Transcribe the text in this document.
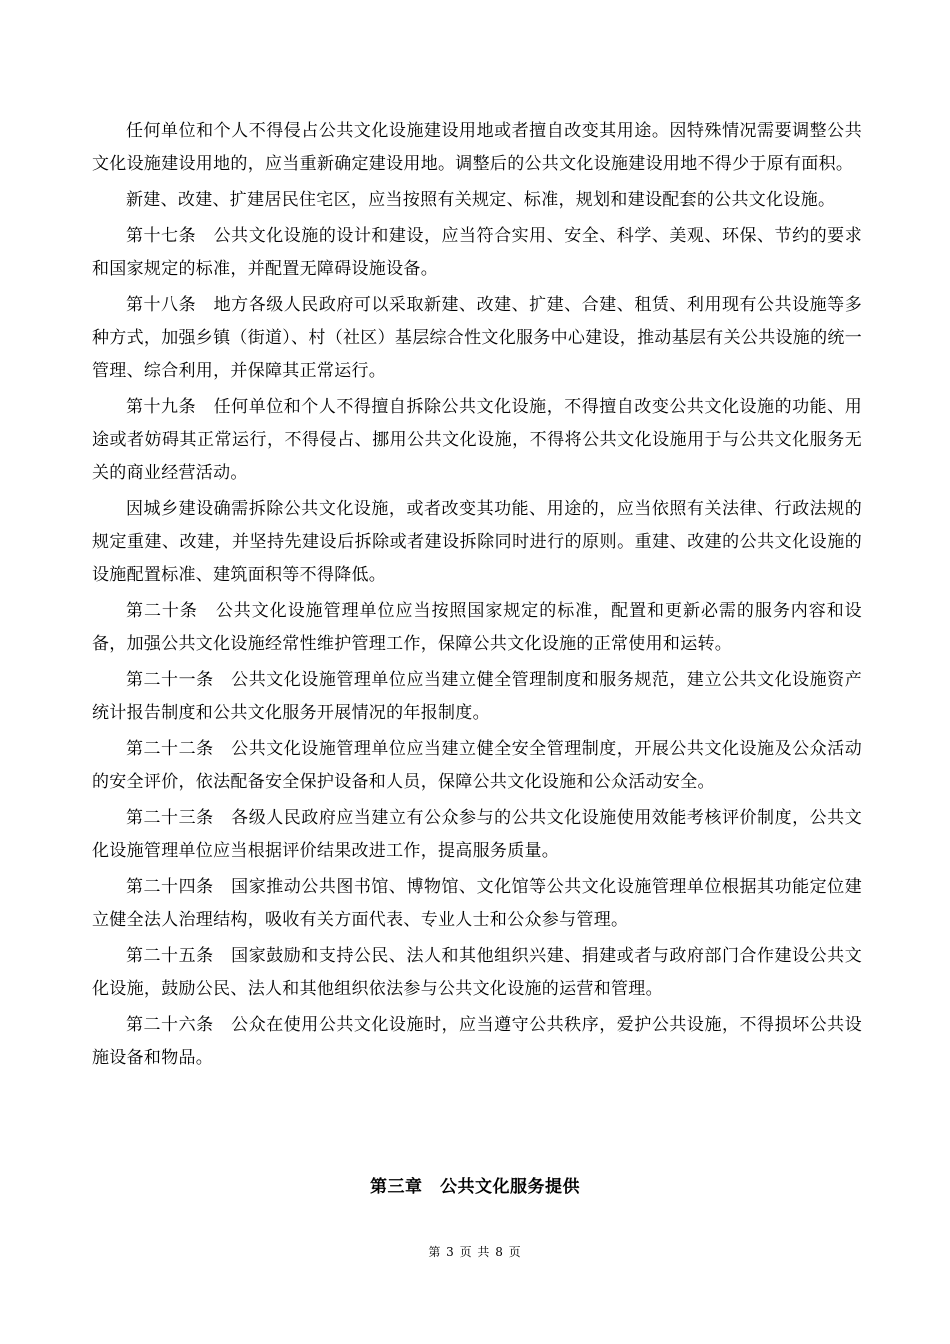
任何单位和个人不得侵占公共文化设施建设用地或者擅自改变其用途。因特殊情况需要调整公共文化设施建设用地的，应当重新确定建设用地。调整后的公共文化设施建设用地不得少于原有面积。

新建、改建、扩建居民住宅区，应当按照有关规定、标准，规划和建设配套的公共文化设施。

第十七条　公共文化设施的设计和建设，应当符合实用、安全、科学、美观、环保、节约的要求和国家规定的标准，并配置无障碍设施设备。

第十八条　地方各级人民政府可以采取新建、改建、扩建、合建、租赁、利用现有公共设施等多种方式，加强乡镇（街道）、村（社区）基层综合性文化服务中心建设，推动基层有关公共设施的统一管理、综合利用，并保障其正常运行。

第十九条　任何单位和个人不得擅自拆除公共文化设施，不得擅自改变公共文化设施的功能、用途或者妨碍其正常运行，不得侵占、挪用公共文化设施，不得将公共文化设施用于与公共文化服务无关的商业经营活动。

因城乡建设确需拆除公共文化设施，或者改变其功能、用途的，应当依照有关法律、行政法规的规定重建、改建，并坚持先建设后拆除或者建设拆除同时进行的原则。重建、改建的公共文化设施的设施配置标准、建筑面积等不得降低。

第二十条　公共文化设施管理单位应当按照国家规定的标准，配置和更新必需的服务内容和设备，加强公共文化设施经常性维护管理工作，保障公共文化设施的正常使用和运转。

第二十一条　公共文化设施管理单位应当建立健全管理制度和服务规范，建立公共文化设施资产统计报告制度和公共文化服务开展情况的年报制度。

第二十二条　公共文化设施管理单位应当建立健全安全管理制度，开展公共文化设施及公众活动的安全评价，依法配备安全保护设备和人员，保障公共文化设施和公众活动安全。

第二十三条　各级人民政府应当建立有公众参与的公共文化设施使用效能考核评价制度，公共文化设施管理单位应当根据评价结果改进工作，提高服务质量。

第二十四条　国家推动公共图书馆、博物馆、文化馆等公共文化设施管理单位根据其功能定位建立健全法人治理结构，吸收有关方面代表、专业人士和公众参与管理。

第二十五条　国家鼓励和支持公民、法人和其他组织兴建、捐建或者与政府部门合作建设公共文化设施，鼓励公民、法人和其他组织依法参与公共文化设施的运营和管理。

第二十六条　公众在使用公共文化设施时，应当遵守公共秩序，爱护公共设施，不得损坏公共设施设备和物品。

第三章　公共文化服务提供
第 3 页 共 8 页
